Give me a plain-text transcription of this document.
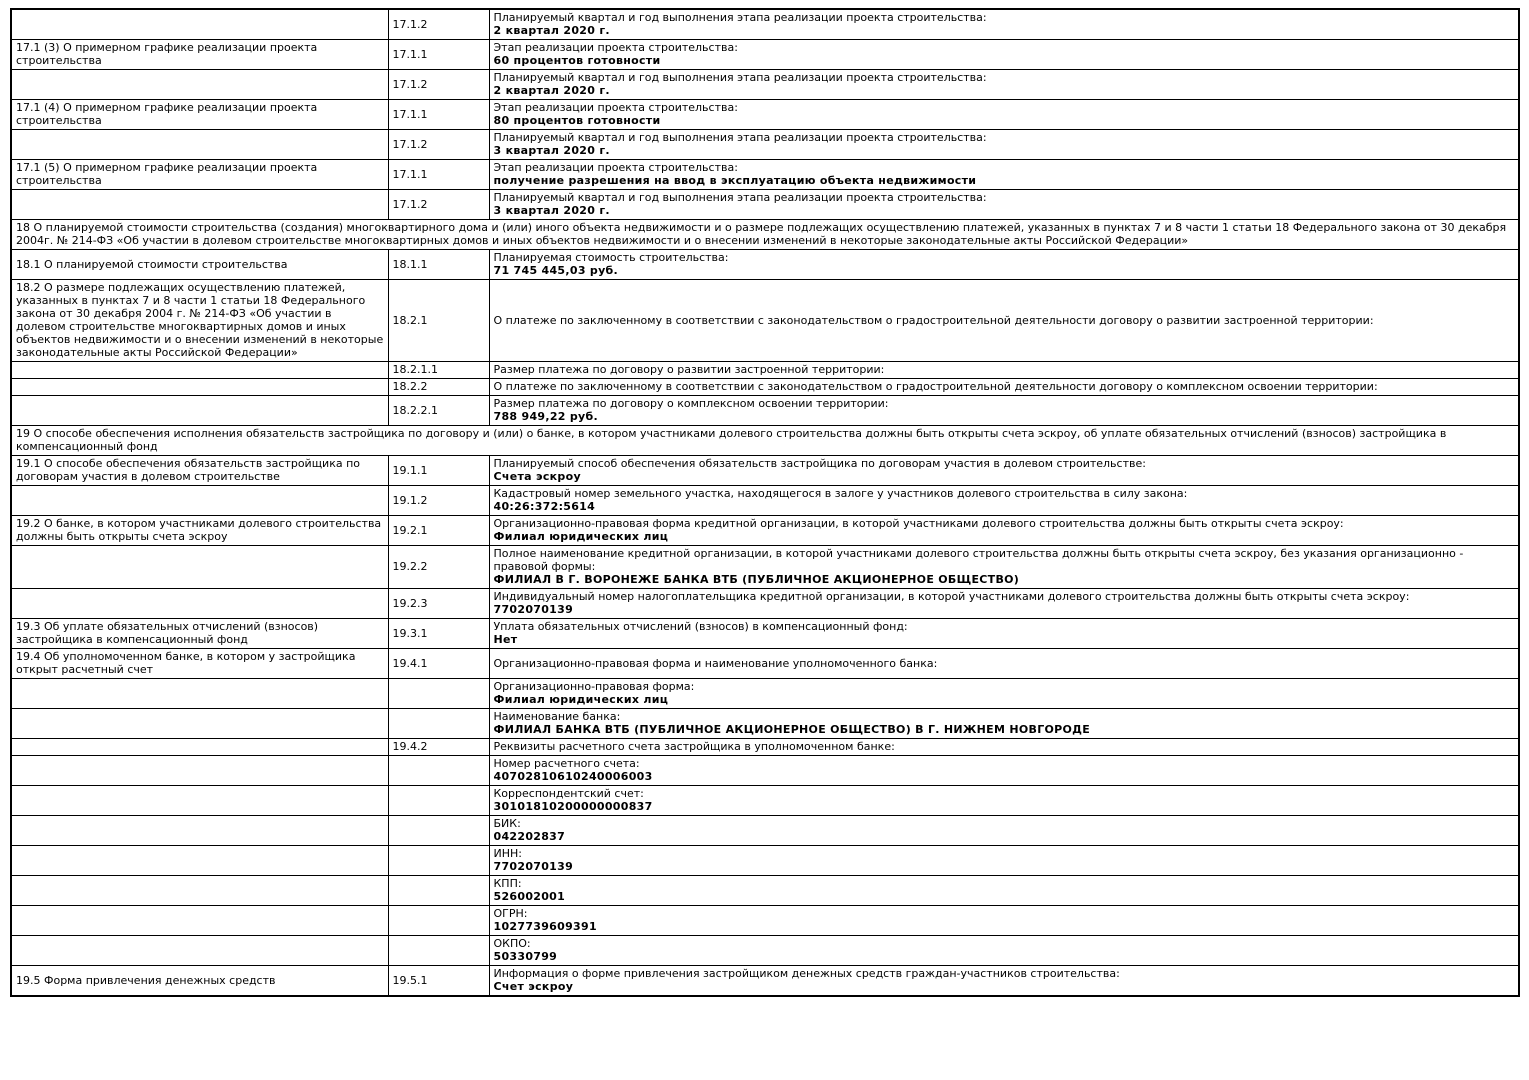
	17.1.2	Планируемый квартал и год выполнения этапа реализации проекта строительства:
2 квартал 2020 г.

17.1 (3) О примерном графике реализации проекта строительства	17.1.1	Этап реализации проекта строительства:
60 процентов готовности

	17.1.2	Планируемый квартал и год выполнения этапа реализации проекта строительства:
2 квартал 2020 г.

17.1 (4) О примерном графике реализации проекта строительства	17.1.1	Этап реализации проекта строительства:
80 процентов готовности

	17.1.2	Планируемый квартал и год выполнения этапа реализации проекта строительства:
3 квартал 2020 г.

17.1 (5) О примерном графике реализации проекта строительства	17.1.1	Этап реализации проекта строительства:
получение разрешения на ввод в эксплуатацию объекта недвижимости

	17.1.2	Планируемый квартал и год выполнения этапа реализации проекта строительства:
3 квартал 2020 г.

18 О планируемой стоимости строительства (создания) многоквартирного дома и (или) иного объекта недвижимости и о размере подлежащих осуществлению платежей, указанных в пунктах 7 и 8 части 1 статьи 18 Федерального закона от 30 декабря 2004г. № 214-ФЗ «Об участии в долевом строительстве многоквартирных домов и иных объектов недвижимости и о внесении изменений в некоторые законодательные акты Российской Федерации»		
18.1 О планируемой стоимости строительства	18.1.1	Планируемая стоимость строительства:
71 745 445,03 руб.

18.2 О размере подлежащих осуществлению платежей, указанных в пунктах 7 и 8 части 1 статьи 18 Федерального закона от 30 декабря 2004 г. № 214-ФЗ «Об участии в долевом строительстве многоквартирных домов и иных объектов недвижимости и о внесении изменений в некоторые законодательные акты Российской Федерации»	18.2.1	О платеже по заключенному в соответствии с законодательством о градостроительной деятельности договору о развитии застроенной территории:

	18.2.1.1	Размер платежа по договору о развитии застроенной территории:

	18.2.2	О платеже по заключенному в соответствии с законодательством о градостроительной деятельности договору о комплексном освоении территории:

	18.2.2.1	Размер платежа по договору о комплексном освоении территории:
788 949,22 руб.

19 О способе обеспечения исполнения обязательств застройщика по договору и (или) о банке, в котором участниками долевого строительства должны быть открыты счета эскроу, об уплате обязательных отчислений (взносов) застройщика в компенсационный фонд		
19.1 О способе обеспечения обязательств застройщика по договорам участия в долевом строительстве	19.1.1	Планируемый способ обеспечения обязательств застройщика по договорам участия в долевом строительстве:
Счета эскроу

	19.1.2	Кадастровый номер земельного участка, находящегося в залоге у участников долевого строительства в силу закона:
40:26:372:5614

19.2 О банке, в котором участниками долевого строительства должны быть открыты счета эскроу	19.2.1	Организационно-правовая форма кредитной организации, в которой участниками долевого строительства должны быть открыты счета эскроу:
Филиал юридических лиц

	19.2.2	Полное наименование кредитной организации, в которой участниками долевого строительства должны быть открыты счета эскроу, без указания организационно - правовой формы:
ФИЛИАЛ В Г. ВОРОНЕЖЕ БАНКА ВТБ (ПУБЛИЧНОЕ АКЦИОНЕРНОЕ ОБЩЕСТВО)

	19.2.3	Индивидуальный номер налогоплательщика кредитной организации, в которой участниками долевого строительства должны быть открыты счета эскроу:
7702070139

19.3 Об уплате обязательных отчислений (взносов) застройщика в компенсационный фонд	19.3.1	Уплата обязательных отчислений (взносов) в компенсационный фонд:
Нет

19.4 Об уполномоченном банке, в котором у застройщика открыт расчетный счет	19.4.1	Организационно-правовая форма и наименование уполномоченного банка:

		Организационно-правовая форма:
Филиал юридических лиц

		Наименование банка:
ФИЛИАЛ БАНКА ВТБ (ПУБЛИЧНОЕ АКЦИОНЕРНОЕ ОБЩЕСТВО) В Г. НИЖНЕМ НОВГОРОДЕ

	19.4.2	Реквизиты расчетного счета застройщика в уполномоченном банке:

		Номер расчетного счета:
40702810610240006003

		Корреспондентский счет:
30101810200000000837

		БИК:
042202837

		ИНН:
7702070139

		КПП:
526002001

		ОГРН:
1027739609391

		ОКПО:
50330799

19.5 Форма привлечения денежных средств	19.5.1	Информация о форме привлечения застройщиком денежных средств граждан-участников строительства:
Счет эскроу
